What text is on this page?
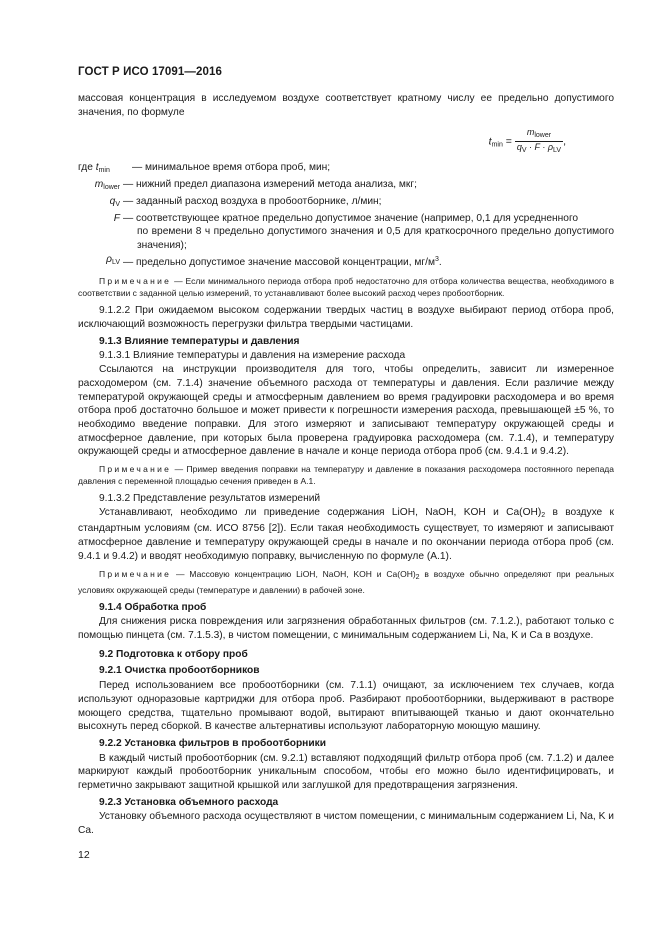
ГОСТ Р ИСО 17091—2016

массовая концентрация в исследуемом воздухе соответствует кратному числу ее предельно допустимого значения, по формуле

$t_{min} = \frac{m_{lower}}{q_V \cdot F \cdot \rho_{LV}}$ ,
где $t_{min}$	— минимальное время отбора проб, мин;
$m_{lower}$ — нижний предел диапазона измерений метода анализа, мкг;
$q_V$ — заданный расход воздуха в пробоотборнике, л/мин;
F — соответствующее кратное предельно допустимое значение (например, 0,1 для усредненного
по времени 8 ч предельно допустимого значения и 0,5 для краткосрочного предельно допустимого значения);
$\rho_{LV}$ — предельно допустимое значение массовой концентрации, $мг/м^3$.

Примечание — Если минимального периода отбора проб недостаточно для отбора количества вещества, необходимого в соответствии с заданной целью измерений, то устанавливают более высокий расход через пробоотборник.

9.1.2.2 При ожидаемом высоком содержании твердых частиц в воздухе выбирают период отбора проб, исключающий возможность перегрузки фильтра твердыми частицами.

9.1.3 Влияние температуры и давления

9.1.3.1 Влияние температуры и давления на измерение расхода

Ссылаются на инструкции производителя для того, чтобы определить, зависит ли измеренное расходомером (см. 7.1.4) значение объемного расхода от температуры и давления. Если различие между температурой окружающей среды и атмосферным давлением во время градуировки расходомера и во время отбора проб достаточно большое и может привести к погрешности измерения расхода, превышающей ±5 %, то необходимо введение поправки. Для этого измеряют и записывают температуру окружающей среды и атмосферное давление, при которых была проверена градуировка расходомера (см. 7.1.4), и температуру окружающей среды и атмосферное давление в начале и конце периода отбора проб (см. 9.4.1 и 9.4.2).

Примечание — Пример введения поправки на температуру и давление в показания расходомера постоянного перепада давления с переменной площадью сечения приведен в А.1.

9.1.3.2 Представление результатов измерений

Устанавливают, необходимо ли приведение содержания LiOH, NaOH, KOH и $Ca(OH)_2$ в воздухе к стандартным условиям (см. ИСО 8756 [2]). Если такая необходимость существует, то измеряют и записывают атмосферное давление и температуру окружающей среды в начале и по окончании периода отбора проб (см. 9.4.1 и 9.4.2) и вводят необходимую поправку, вычисленную по формуле (А.1).

Примечание — Массовую концентрацию LiOH, NaOH, KOH и $Ca(OH)_2$ в воздухе обычно определяют при реальных условиях окружающей среды (температуре и давлении) в рабочей зоне.

9.1.4 Обработка проб

Для снижения риска повреждения или загрязнения обработанных фильтров (см. 7.1.2.), работают только с помощью пинцета (см. 7.1.5.3), в чистом помещении, с минимальным содержанием Li, Na, K и Ca в воздухе.

9.2 Подготовка к отбору проб

9.2.1 Очистка пробоотборников

Перед использованием все пробоотборники (см. 7.1.1) очищают, за исключением тех случаев, когда используют одноразовые картриджи для отбора проб. Разбирают пробоотборники, выдерживают в растворе моющего средства, тщательно промывают водой, вытирают впитывающей тканью и дают окончательно высохнуть перед сборкой. В качестве альтернативы используют лабораторную моющую машину.

9.2.2 Установка фильтров в пробоотборники

В каждый чистый пробоотборник (см. 9.2.1) вставляют подходящий фильтр отбора проб (см. 7.1.2) и далее маркируют каждый пробоотборник уникальным способом, чтобы его можно было идентифицировать, и герметично закрывают защитной крышкой или заглушкой для предотвращения загрязнения.

9.2.3 Установка объемного расхода

Установку объемного расхода осуществляют в чистом помещении, с минимальным содержанием Li, Na, K и Ca.

12
